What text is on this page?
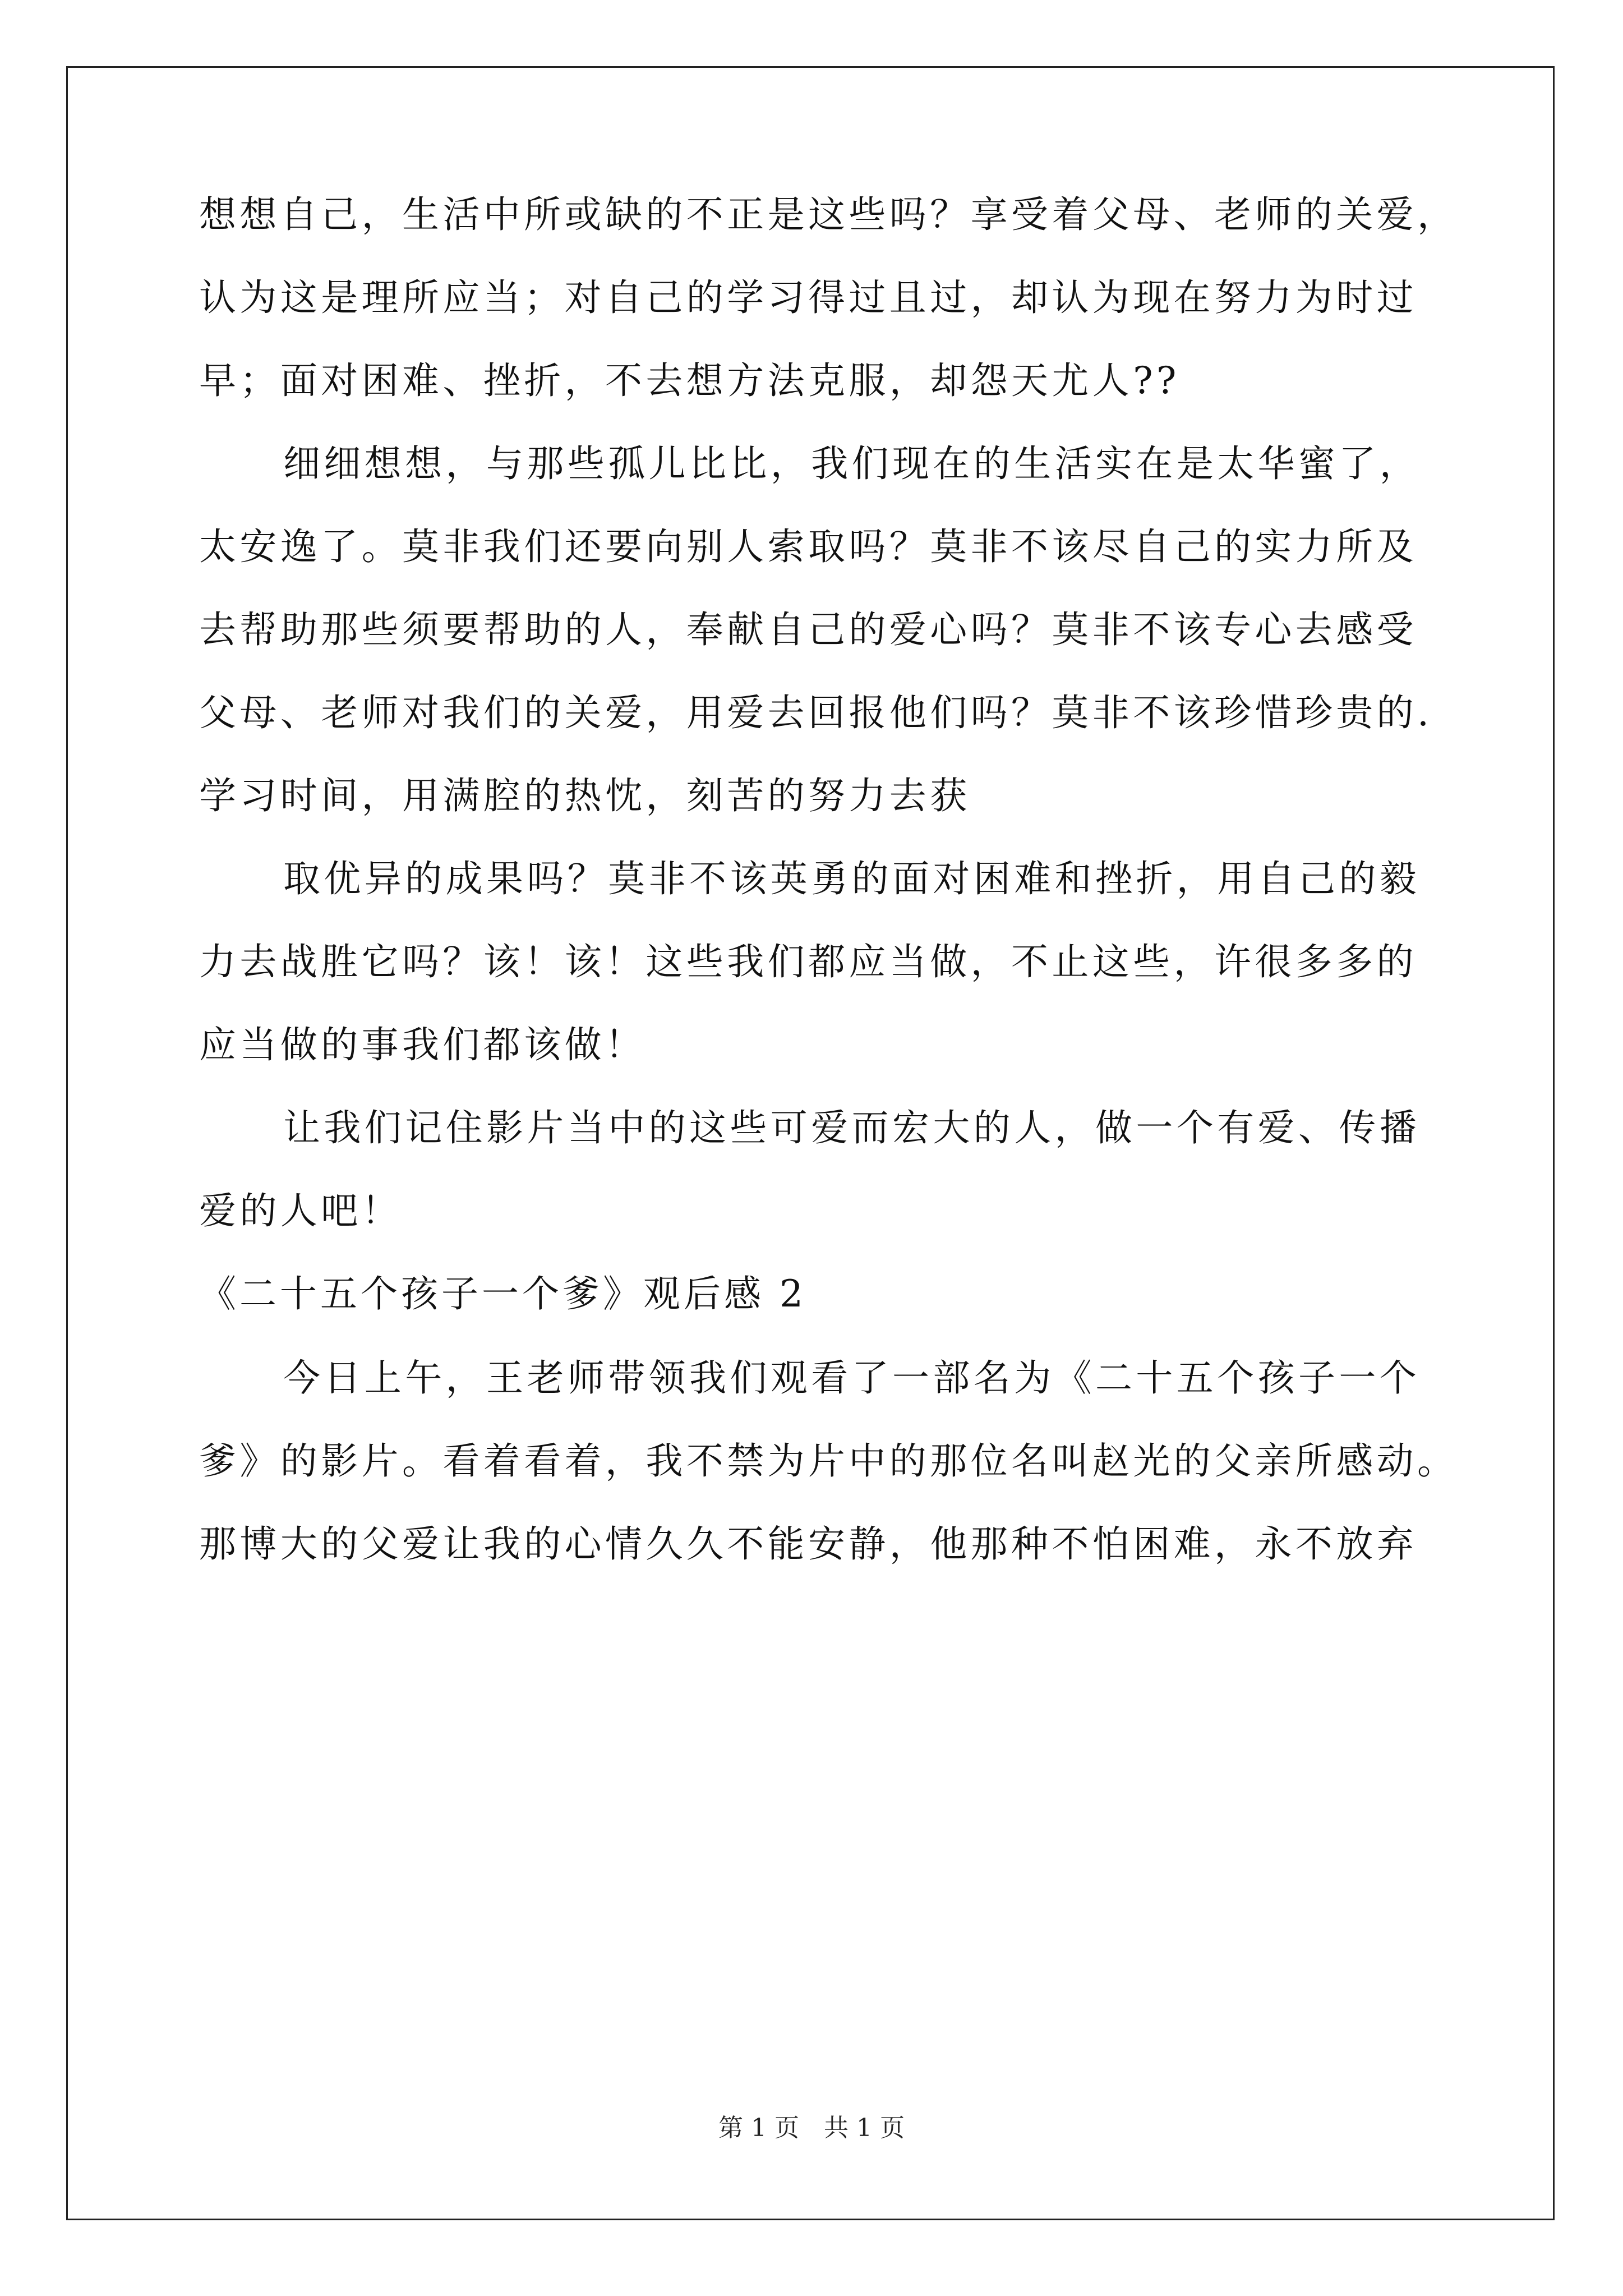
想想自己，生活中所或缺的不正是这些吗？享受着父母、老师的关爱，
认为这是理所应当；对自己的学习得过且过，却认为现在努力为时过
早；面对困难、挫折，不去想方法克服，却怨天尤人??
细细想想，与那些孤儿比比，我们现在的生活实在是太华蜜了，
太安逸了。莫非我们还要向别人索取吗？莫非不该尽自己的实力所及
去帮助那些须要帮助的人，奉献自己的爱心吗？莫非不该专心去感受
父母、老师对我们的关爱，用爱去回报他们吗？莫非不该珍惜珍贵的.
学习时间，用满腔的热忱，刻苦的努力去获
取优异的成果吗？莫非不该英勇的面对困难和挫折，用自己的毅
力去战胜它吗？该！该！这些我们都应当做，不止这些，许很多多的
应当做的事我们都该做！
让我们记住影片当中的这些可爱而宏大的人，做一个有爱、传播
爱的人吧！
《二十五个孩子一个爹》观后感 2
今日上午，王老师带领我们观看了一部名为《二十五个孩子一个
爹》的影片。看着看着，我不禁为片中的那位名叫赵光的父亲所感动。
那博大的父爱让我的心情久久不能安静，他那种不怕困难，永不放弃
第 1 页　共 1 页
